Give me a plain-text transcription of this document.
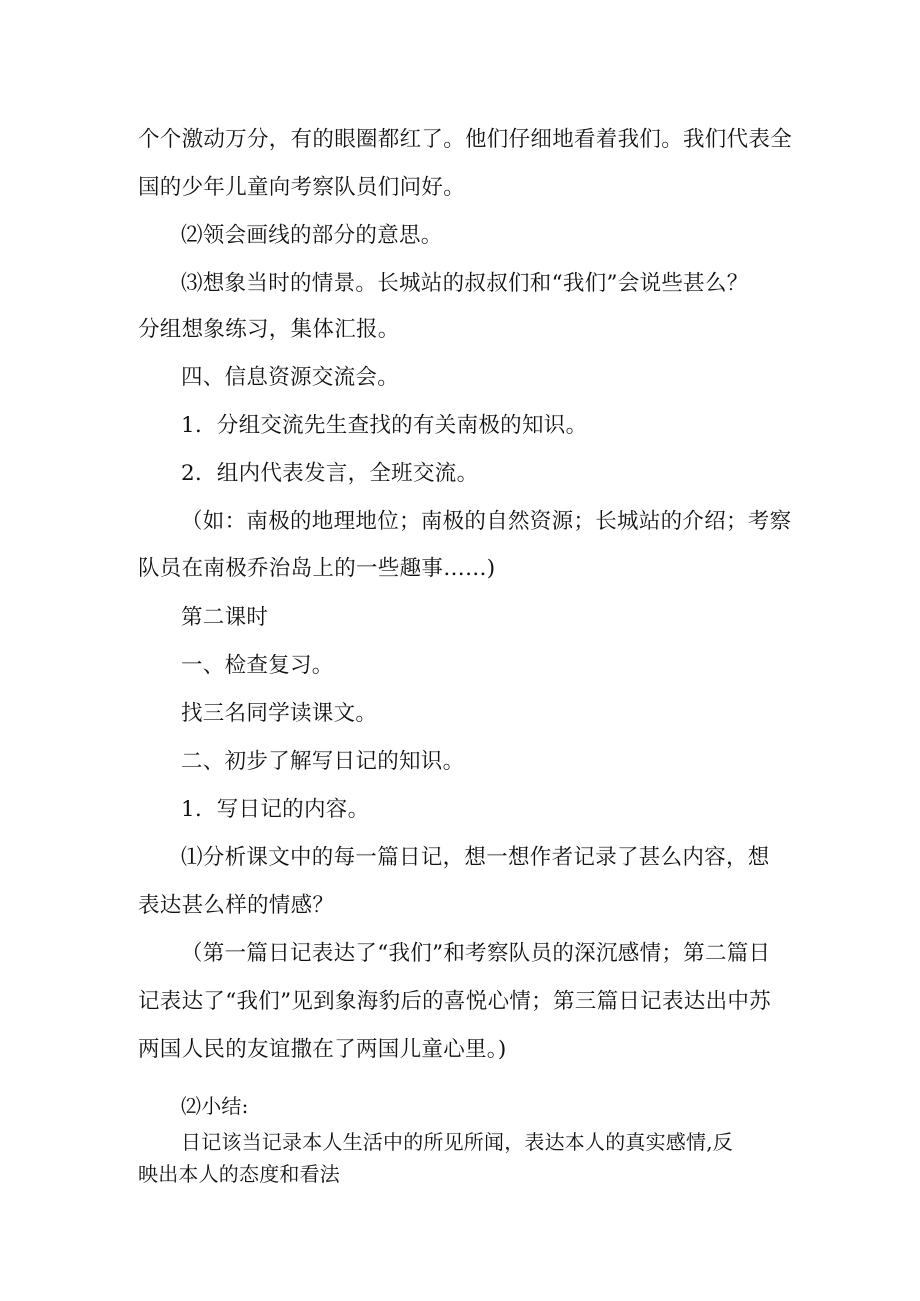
个个激动万分，有的眼圈都红了。他们仔细地看着我们。我们代表全
国的少年儿童向考察队员们问好。
⑵领会画线的部分的意思。
⑶想象当时的情景。长城站的叔叔们和“我们”会说些甚么？
分组想象练习，集体汇报。
四、信息资源交流会。
1．分组交流先生查找的有关南极的知识。
2．组内代表发言，全班交流。
（如：南极的地理地位；南极的自然资源；长城站的介绍；考察
队员在南极乔治岛上的一些趣事……)
第二课时
一、检查复习。
找三名同学读课文。
二、初步了解写日记的知识。
1．写日记的内容。
⑴分析课文中的每一篇日记，想一想作者记录了甚么内容，想
表达甚么样的情感？
（第一篇日记表达了“我们”和考察队员的深沉感情；第二篇日
记表达了“我们”见到象海豹后的喜悦心情；第三篇日记表达出中苏
两国人民的友谊撒在了两国儿童心里。)
⑵小结:
日记该当记录本人生活中的所见所闻，表达本人的真实感情,反
映出本人的态度和看法
